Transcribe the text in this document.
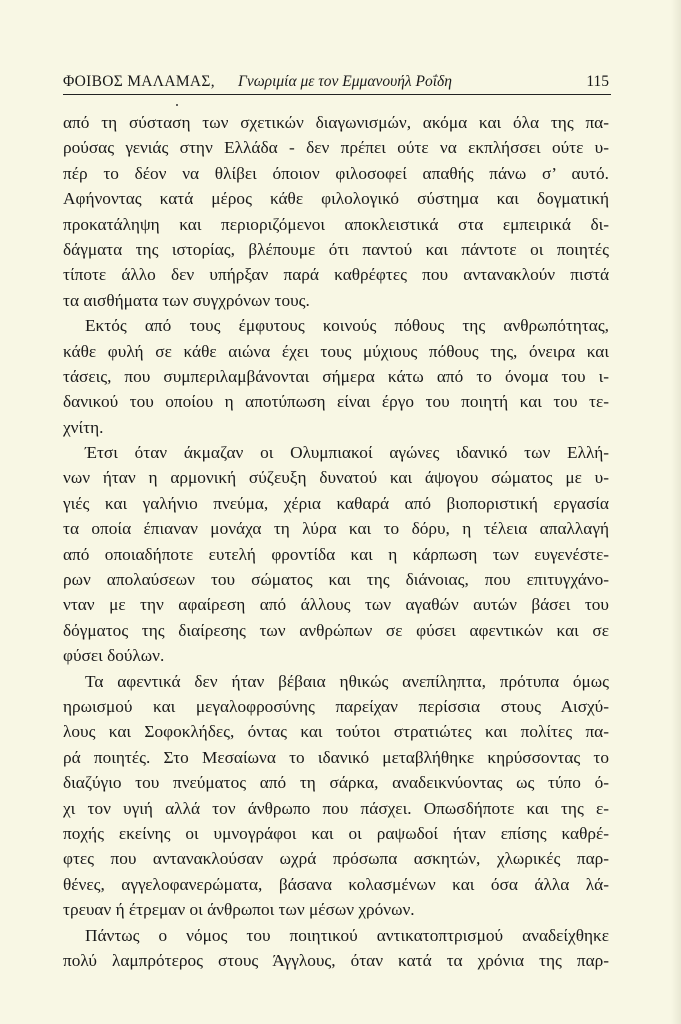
ΦΟΙΒΟΣ ΜΑΛΑΜΑΣ, Γνωριμία με τον Εμμανουήλ Ροΐδη	115
από τη σύσταση των σχετικών διαγωνισμών, ακόμα και όλα της πα-
ρούσας γενιάς στην Ελλάδα - δεν πρέπει ούτε να εκπλήσσει ούτε υ-
πέρ το δέον να θλίβει όποιον φιλοσοφεί απαθής πάνω σ’ αυτό.
Αφήνοντας κατά μέρος κάθε φιλολογικό σύστημα και δογματική
προκατάληψη και περιοριζόμενοι αποκλειστικά στα εμπειρικά δι-
δάγματα της ιστορίας, βλέπουμε ότι παντού και πάντοτε οι ποιητές
τίποτε άλλο δεν υπήρξαν παρά καθρέφτες που αντανακλούν πιστά
τα αισθήματα των συγχρόνων τους.
Εκτός από τους έμφυτους κοινούς πόθους της ανθρωπότητας,
κάθε φυλή σε κάθε αιώνα έχει τους μύχιους πόθους της, όνειρα και
τάσεις, που συμπεριλαμβάνονται σήμερα κάτω από το όνομα του ι-
δανικού του οποίου η αποτύπωση είναι έργο του ποιητή και του τε-
χνίτη.
Έτσι όταν άκμαζαν οι Ολυμπιακοί αγώνες ιδανικό των Ελλή-
νων ήταν η αρμονική σύζευξη δυνατού και άψογου σώματος με υ-
γιές και γαλήνιο πνεύμα, χέρια καθαρά από βιοποριστική εργασία
τα οποία έπιαναν μονάχα τη λύρα και το δόρυ, η τέλεια απαλλαγή
από οποιαδήποτε ευτελή φροντίδα και η κάρπωση των ευγενέστε-
ρων απολαύσεων του σώματος και της διάνοιας, που επιτυγχάνο-
νταν με την αφαίρεση από άλλους των αγαθών αυτών βάσει του
δόγματος της διαίρεσης των ανθρώπων σε φύσει αφεντικών και σε
φύσει δούλων.
Τα αφεντικά δεν ήταν βέβαια ηθικώς ανεπίληπτα, πρότυπα όμως
ηρωισμού και μεγαλοφροσύνης παρείχαν περίσσια στους Αισχύ-
λους και Σοφοκλήδες, όντας και τούτοι στρατιώτες και πολίτες πα-
ρά ποιητές. Στο Μεσαίωνα το ιδανικό μεταβλήθηκε κηρύσσοντας το
διαζύγιο του πνεύματος από τη σάρκα, αναδεικνύοντας ως τύπο ό-
χι τον υγιή αλλά τον άνθρωπο που πάσχει. Οπωσδήποτε και της ε-
ποχής εκείνης οι υμνογράφοι και οι ραψωδοί ήταν επίσης καθρέ-
φτες που αντανακλούσαν ωχρά πρόσωπα ασκητών, χλωρικές παρ-
θένες, αγγελοφανερώματα, βάσανα κολασμένων και όσα άλλα λά-
τρευαν ή έτρεμαν οι άνθρωποι των μέσων χρόνων.
Πάντως ο νόμος του ποιητικού αντικατοπτρισμού αναδείχθηκε
πολύ λαμπρότερος στους Άγγλους, όταν κατά τα χρόνια της παρ-
